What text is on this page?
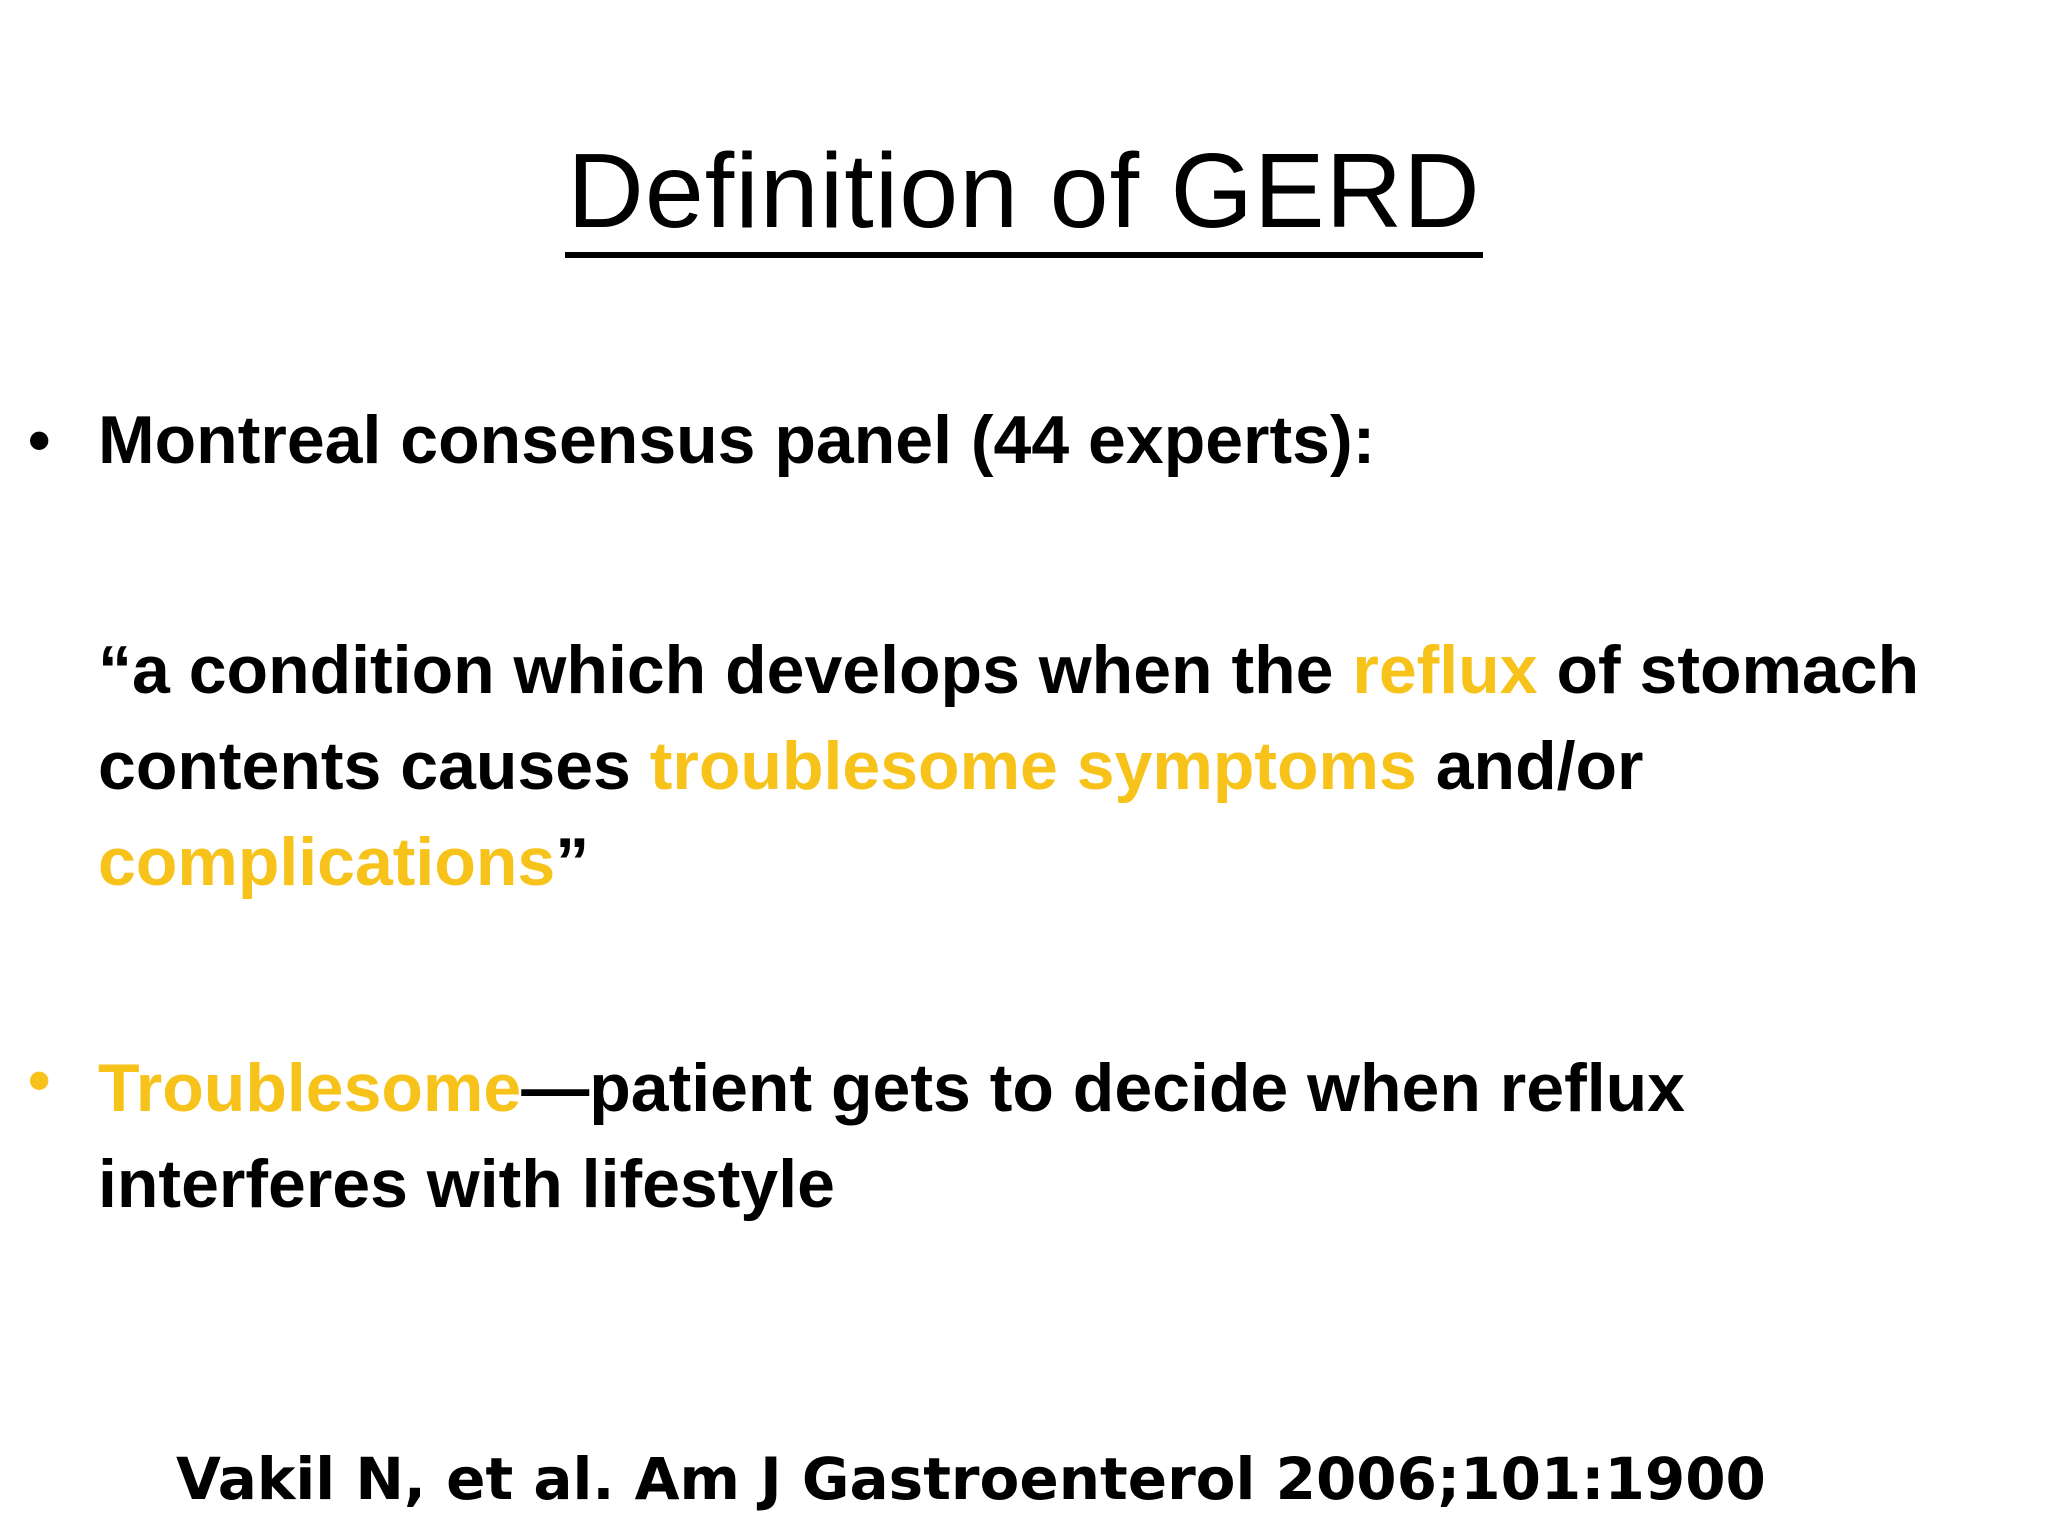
Definition of GERD
• Montreal consensus panel (44 experts):
“a condition which develops when the reflux of stomach
contents causes troublesome symptoms and/or
complications”
• Troublesome—patient gets to decide when reflux
interferes with lifestyle
Vakil N, et al. Am J Gastroenterol 2006;101:1900
